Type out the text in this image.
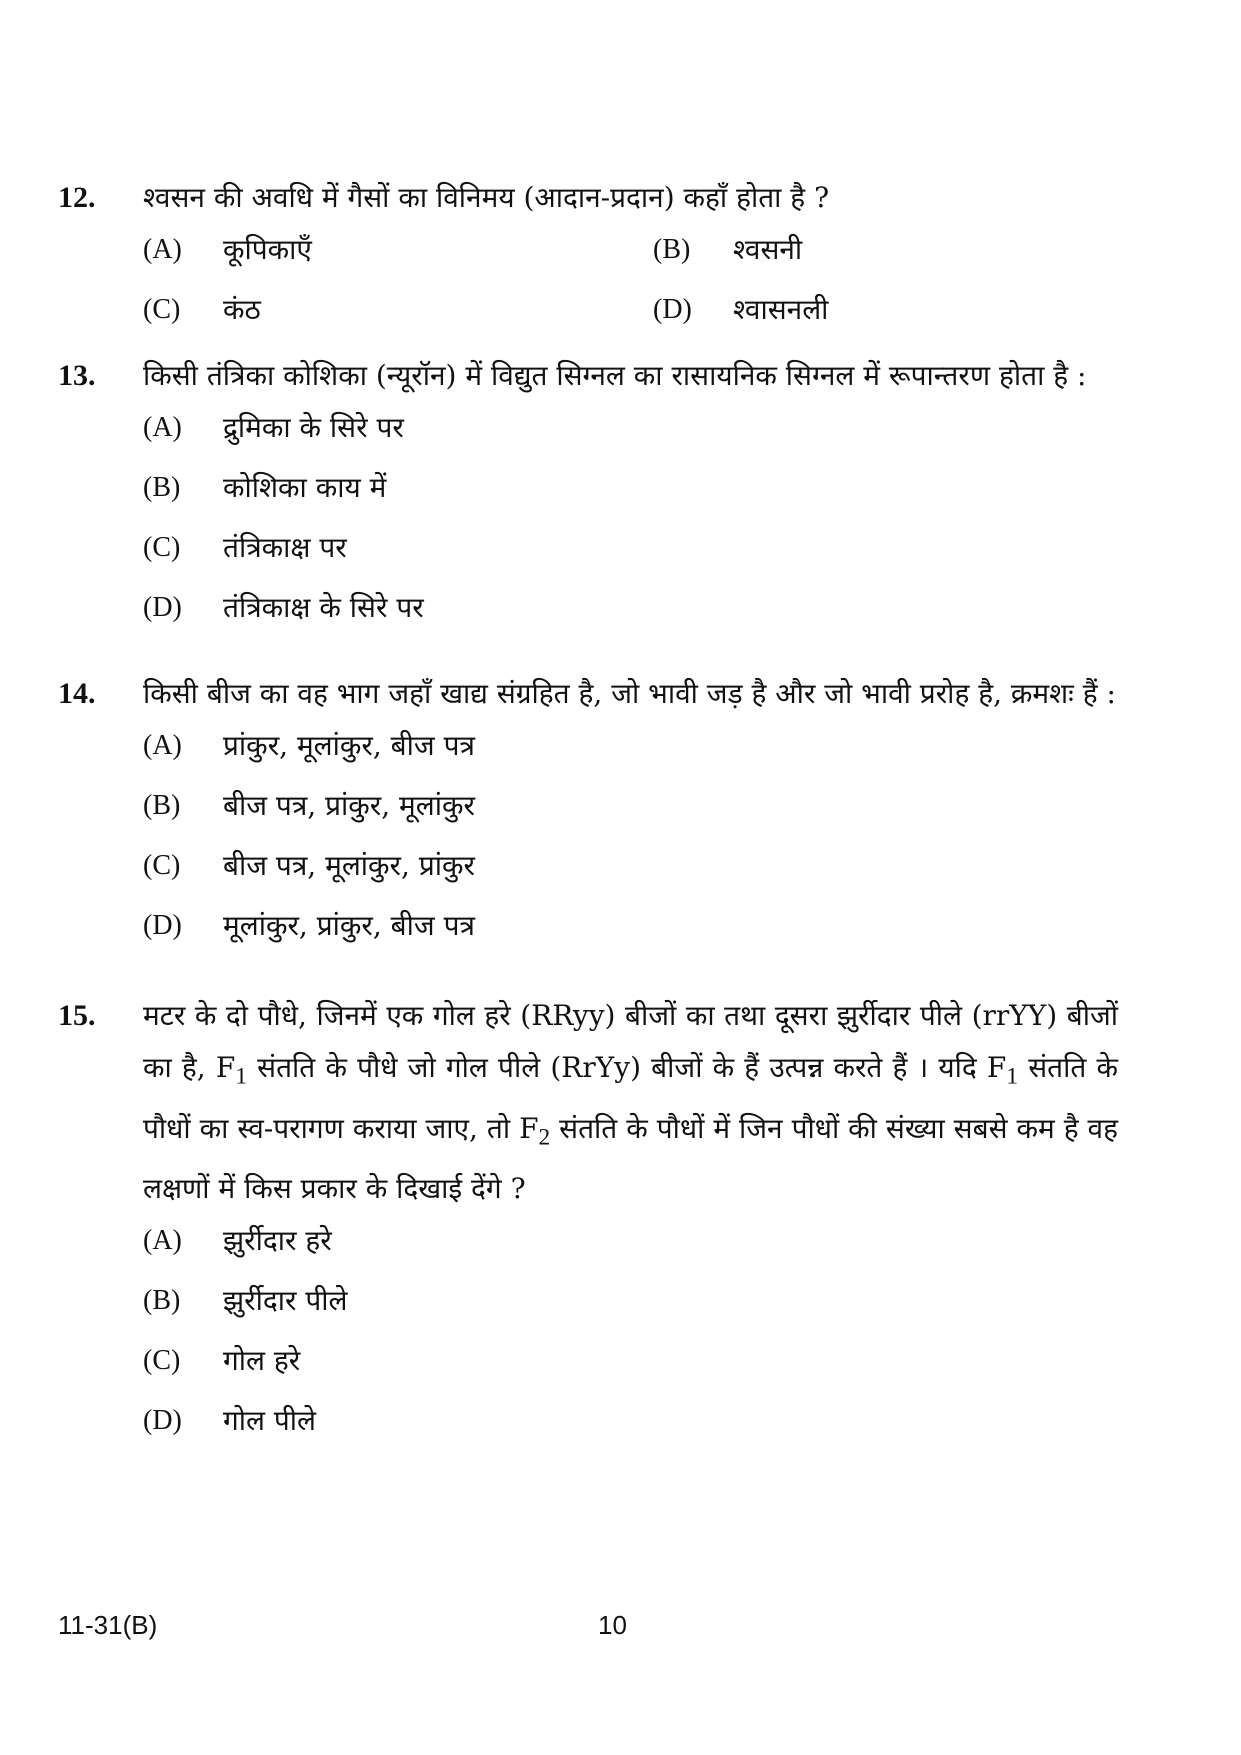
12.	श्वसन की अवधि में गैसों का विनिमय (आदान-प्रदान) कहाँ होता है ?
(A) कूपिकाएँ	(B) श्वसनी
(C) कंठ	(D) श्वासनली
13.	किसी तंत्रिका कोशिका (न्यूरॉन) में विद्युत सिग्नल का रासायनिक सिग्नल में रूपान्तरण होता है :
(A) द्रुमिका के सिरे पर
(B) कोशिका काय में
(C) तंत्रिकाक्ष पर
(D) तंत्रिकाक्ष के सिरे पर
14.	किसी बीज का वह भाग जहाँ खाद्य संग्रहित है, जो भावी जड़ है और जो भावी प्ररोह है, क्रमशः हैं :
(A) प्रांकुर, मूलांकुर, बीज पत्र
(B) बीज पत्र, प्रांकुर, मूलांकुर
(C) बीज पत्र, मूलांकुर, प्रांकुर
(D) मूलांकुर, प्रांकुर, बीज पत्र
15.	मटर के दो पौधे, जिनमें एक गोल हरे (RRyy) बीजों का तथा दूसरा झुर्रीदार पीले (rrYY) बीजों का है, $F_1$ संतति के पौधे जो गोल पीले (RrYy) बीजों के हैं उत्पन्न करते हैं । यदि $F_1$ संतति के पौधों का स्व-परागण कराया जाए, तो $F_2$ संतति के पौधों में जिन पौधों की संख्या सबसे कम है वह लक्षणों में किस प्रकार के दिखाई देंगे ?
(A) झुर्रीदार हरे
(B) झुर्रीदार पीले
(C) गोल हरे
(D) गोल पीले
11-31(B)	10
